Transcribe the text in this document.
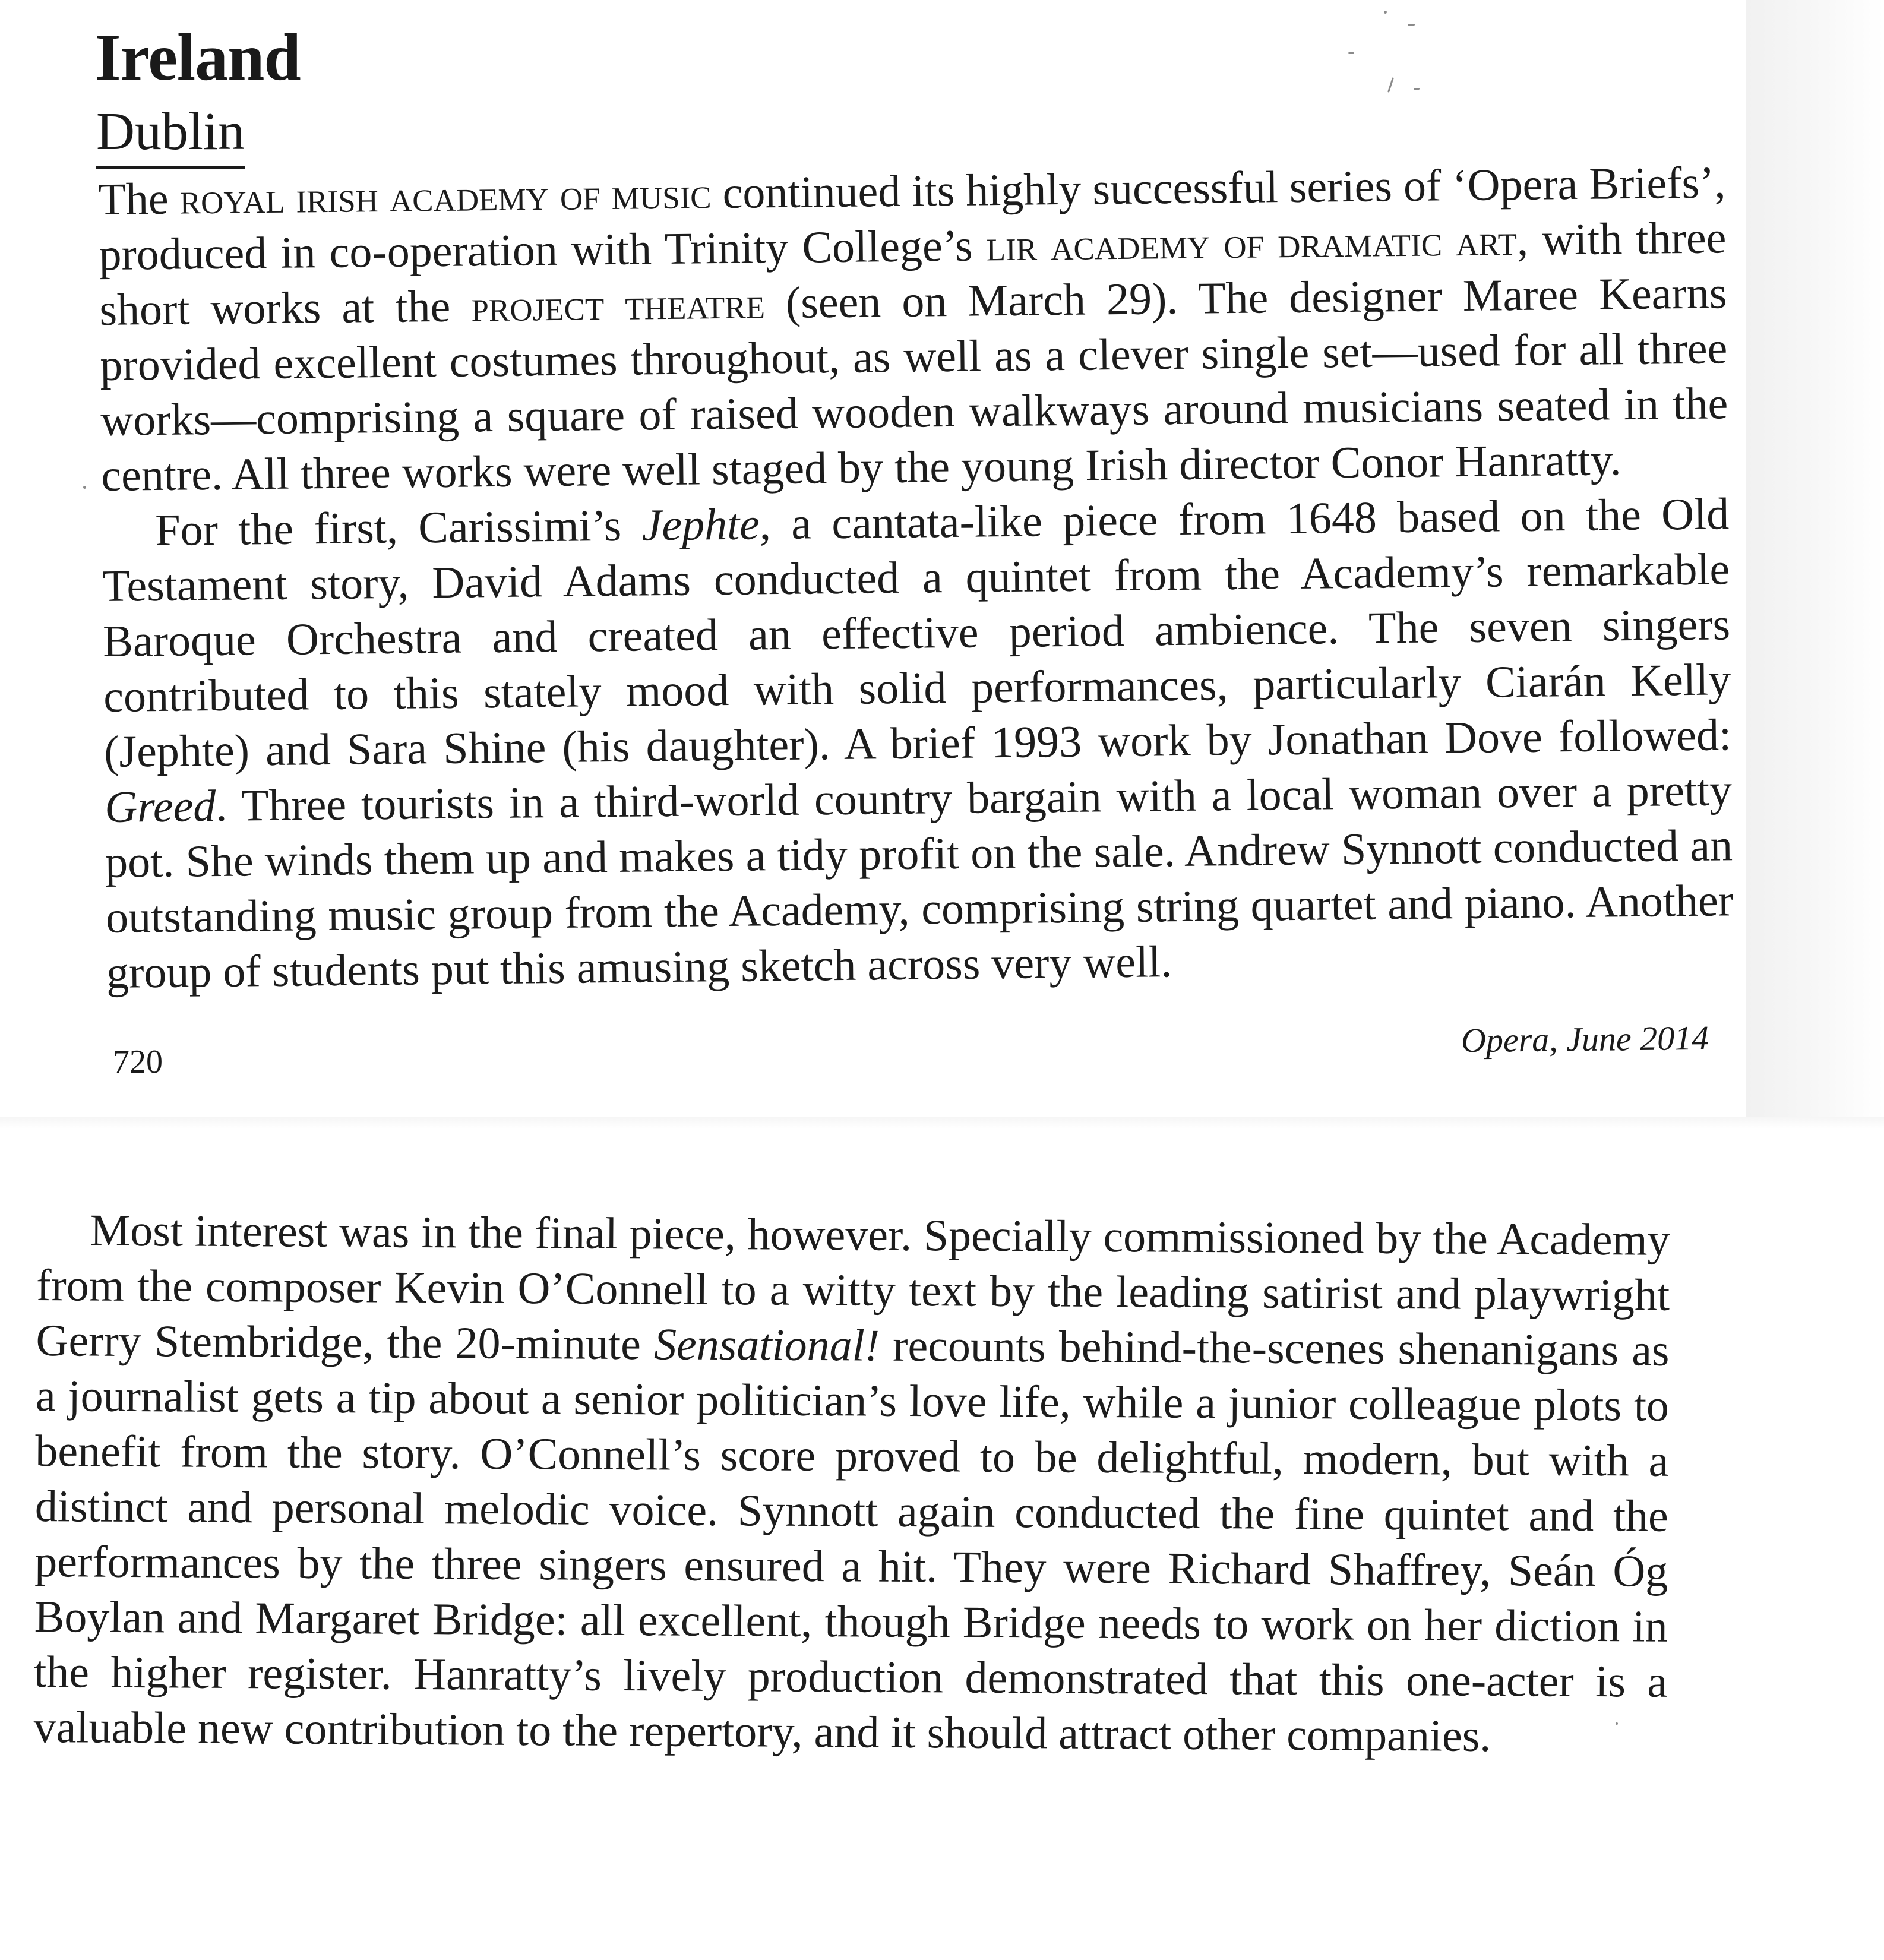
Ireland
Dublin

The royal irish academy of music continued its highly successful series of ‘Opera Briefs’, produced in co-operation with Trinity College’s lir academy of dramatic art, with three short works at the project theatre (seen on March 29). The designer Maree Kearns provided excellent costumes throughout, as well as a clever single set—used for all three works—comprising a square of raised wooden walkways around musicians seated in the centre. All three works were well staged by the young Irish director Conor Hanratty.

For the first, Carissimi’s Jephte, a cantata-like piece from 1648 based on the Old Testament story, David Adams conducted a quintet from the Academy’s remarkable Baroque Orchestra and created an effective period ambience. The seven singers contributed to this stately mood with solid performances, particularly Ciarán Kelly (Jephte) and Sara Shine (his daughter). A brief 1993 work by Jonathan Dove followed: Greed. Three tourists in a third-world country bargain with a local woman over a pretty pot. She winds them up and makes a tidy profit on the sale. Andrew Synnott conducted an outstanding music group from the Academy, comprising string quartet and piano. Another group of students put this amusing sketch across very well.

720
Opera, June 2014

Most interest was in the final piece, however. Specially commissioned by the Academy from the composer Kevin O’Connell to a witty text by the leading satirist and playwright Gerry Stembridge, the 20-minute Sensational! recounts behind-the-scenes shenanigans as a journalist gets a tip about a senior politician’s love life, while a junior colleague plots to benefit from the story. O’Connell’s score proved to be delightful, modern, but with a distinct and personal melodic voice. Synnott again conducted the fine quintet and the performances by the three singers ensured a hit. They were Richard Shaffrey, Seán Óg Boylan and Margaret Bridge: all excellent, though Bridge needs to work on her diction in the higher register. Hanratty’s lively production demonstrated that this one-acter is a valuable new contribution to the repertory, and it should attract other companies.
